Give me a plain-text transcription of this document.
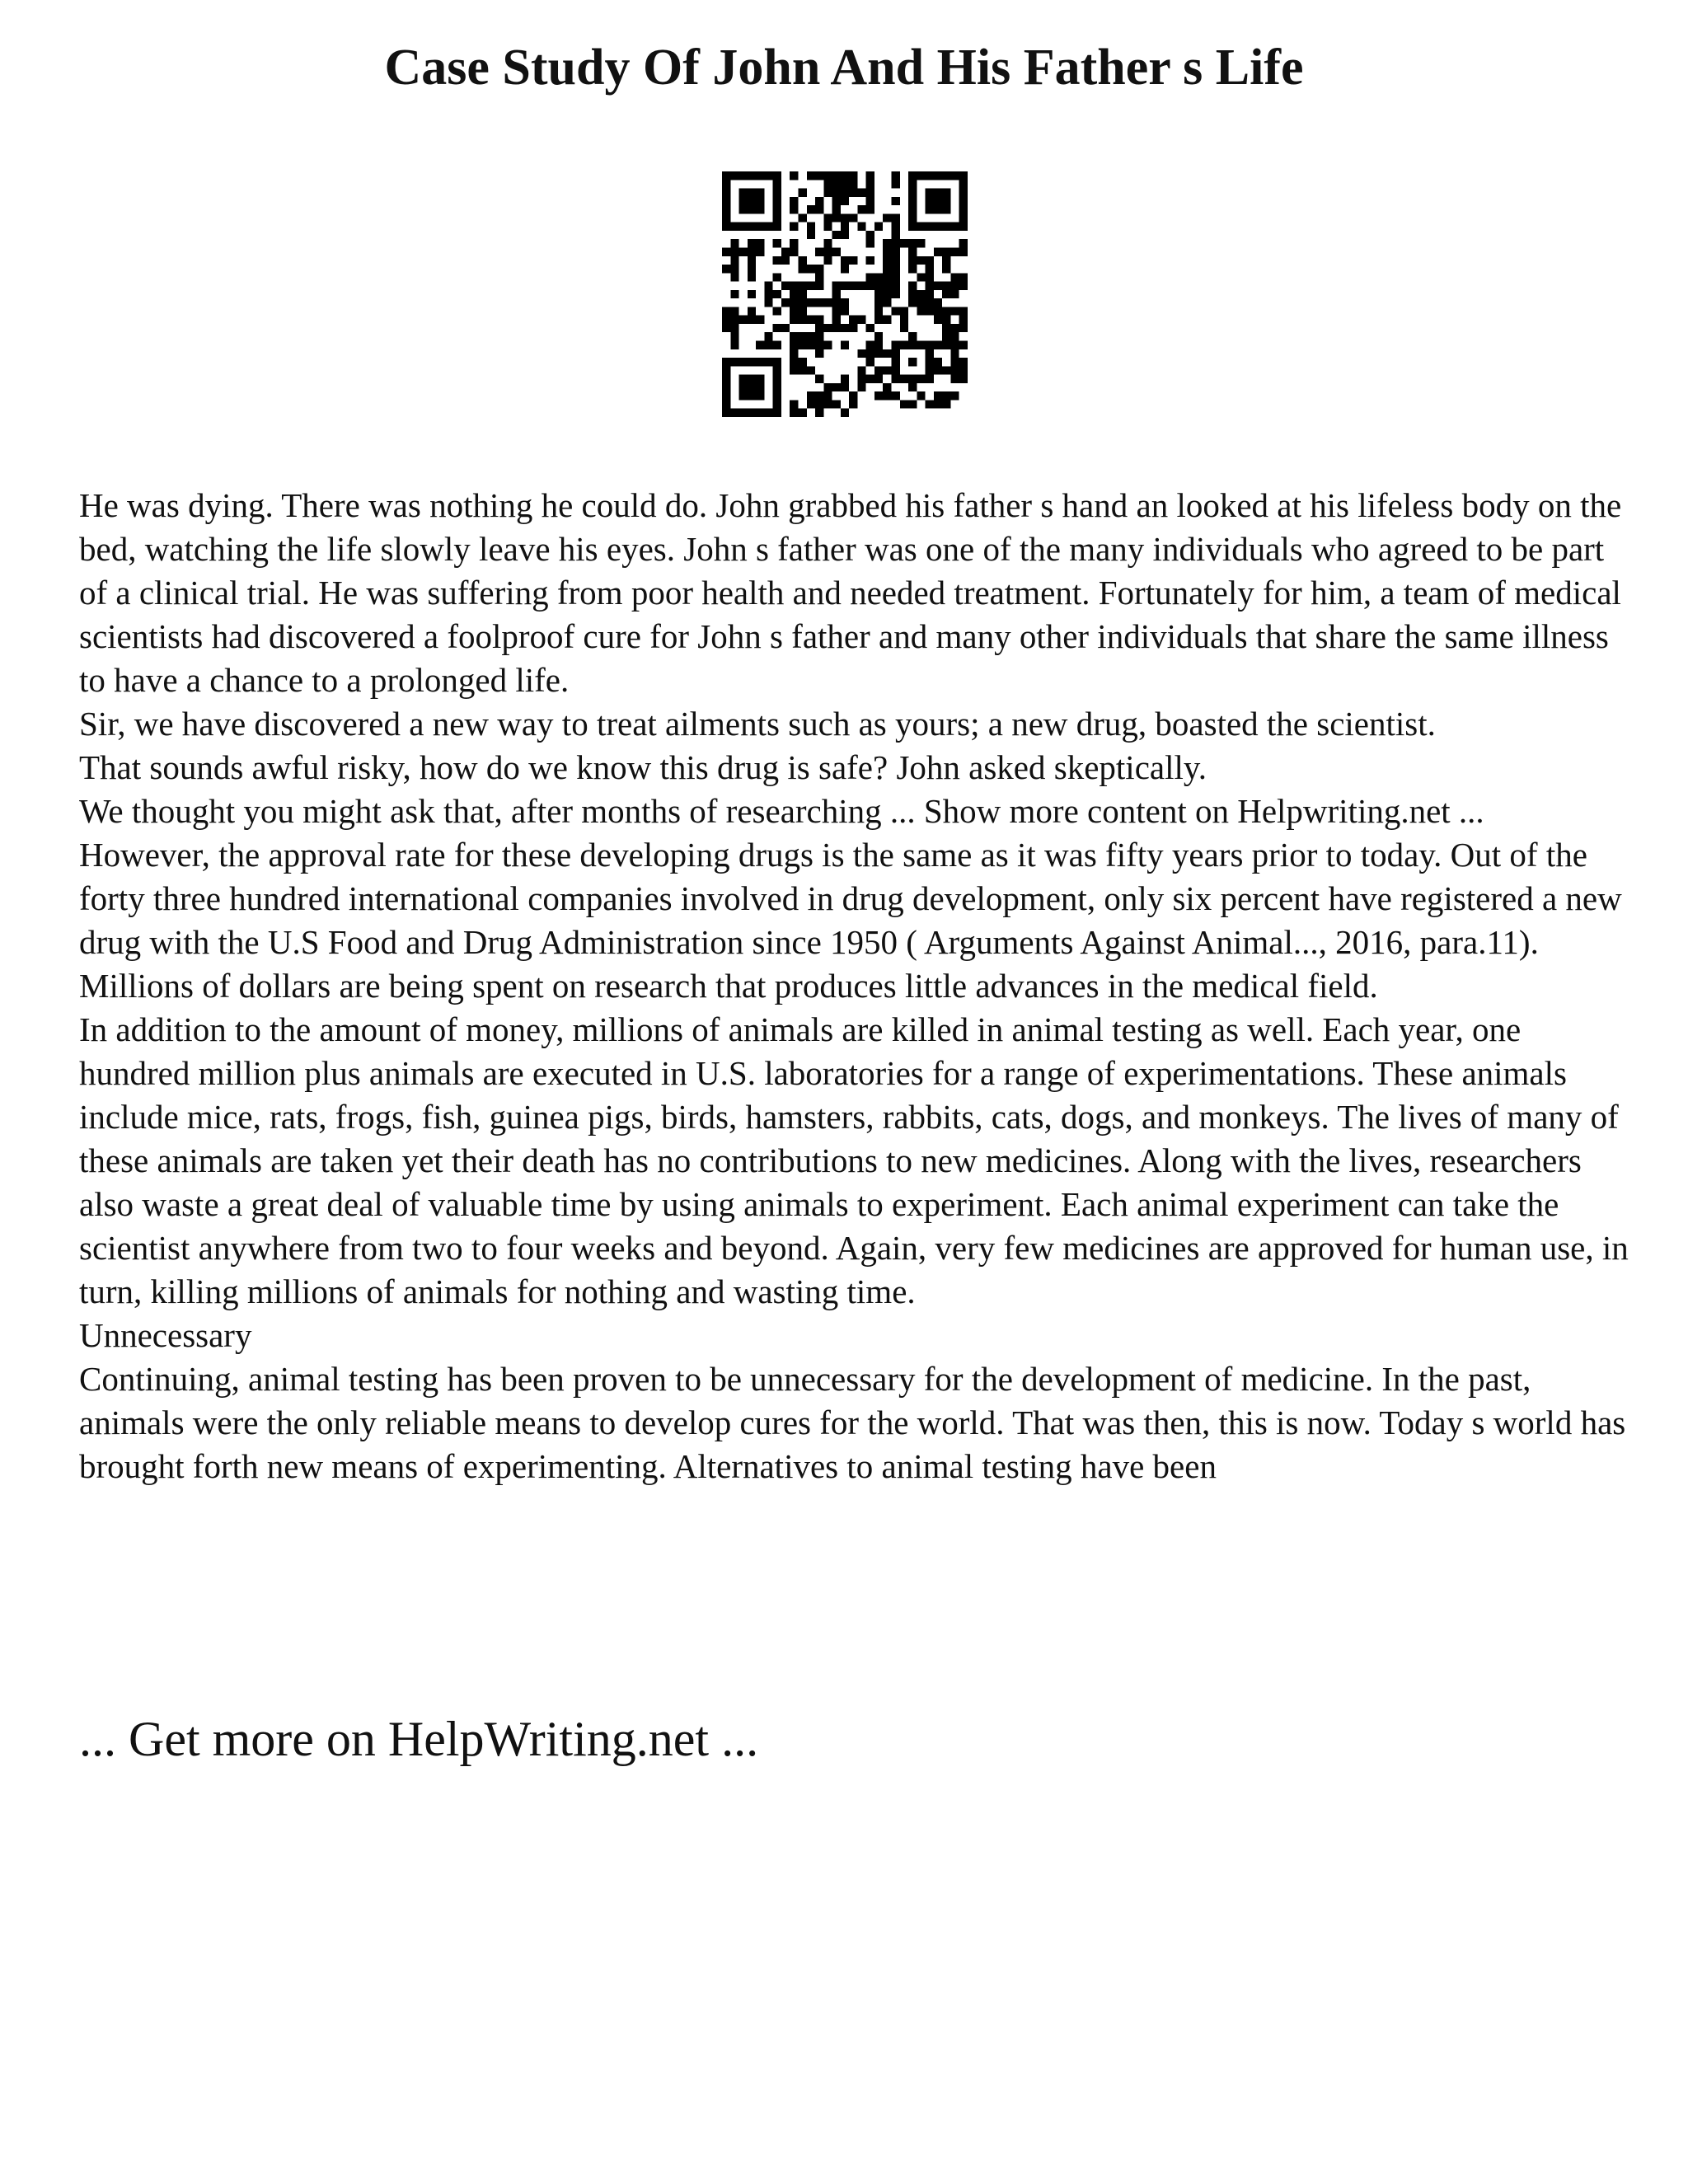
Case Study Of John And His Father s Life

He was dying. There was nothing he could do. John grabbed his father s hand an looked at his lifeless body on the bed, watching the life slowly leave his eyes. John s father was one of the many individuals who agreed to be part of a clinical trial. He was suffering from poor health and needed treatment. Fortunately for him, a team of medical scientists had discovered a foolproof cure for John s father and many other individuals that share the same illness to have a chance to a prolonged life.

Sir, we have discovered a new way to treat ailments such as yours; a new drug, boasted the scientist.

That sounds awful risky, how do we know this drug is safe? John asked skeptically.

We thought you might ask that, after months of researching ... Show more content on Helpwriting.net ...

However, the approval rate for these developing drugs is the same as it was fifty years prior to today. Out of the forty three hundred international companies involved in drug development, only six percent have registered a new drug with the U.S Food and Drug Administration since 1950 ( Arguments Against Animal..., 2016, para.11). Millions of dollars are being spent on research that produces little advances in the medical field.

In addition to the amount of money, millions of animals are killed in animal testing as well. Each year, one hundred million plus animals are executed in U.S. laboratories for a range of experimentations. These animals include mice, rats, frogs, fish, guinea pigs, birds, hamsters, rabbits, cats, dogs, and monkeys. The lives of many of these animals are taken yet their death has no contributions to new medicines. Along with the lives, researchers also waste a great deal of valuable time by using animals to experiment. Each animal experiment can take the scientist anywhere from two to four weeks and beyond. Again, very few medicines are approved for human use, in turn, killing millions of animals for nothing and wasting time.

Unnecessary

Continuing, animal testing has been proven to be unnecessary for the development of medicine. In the past, animals were the only reliable means to develop cures for the world. That was then, this is now. Today s world has brought forth new means of experimenting. Alternatives to animal testing have been

... Get more on HelpWriting.net ...
